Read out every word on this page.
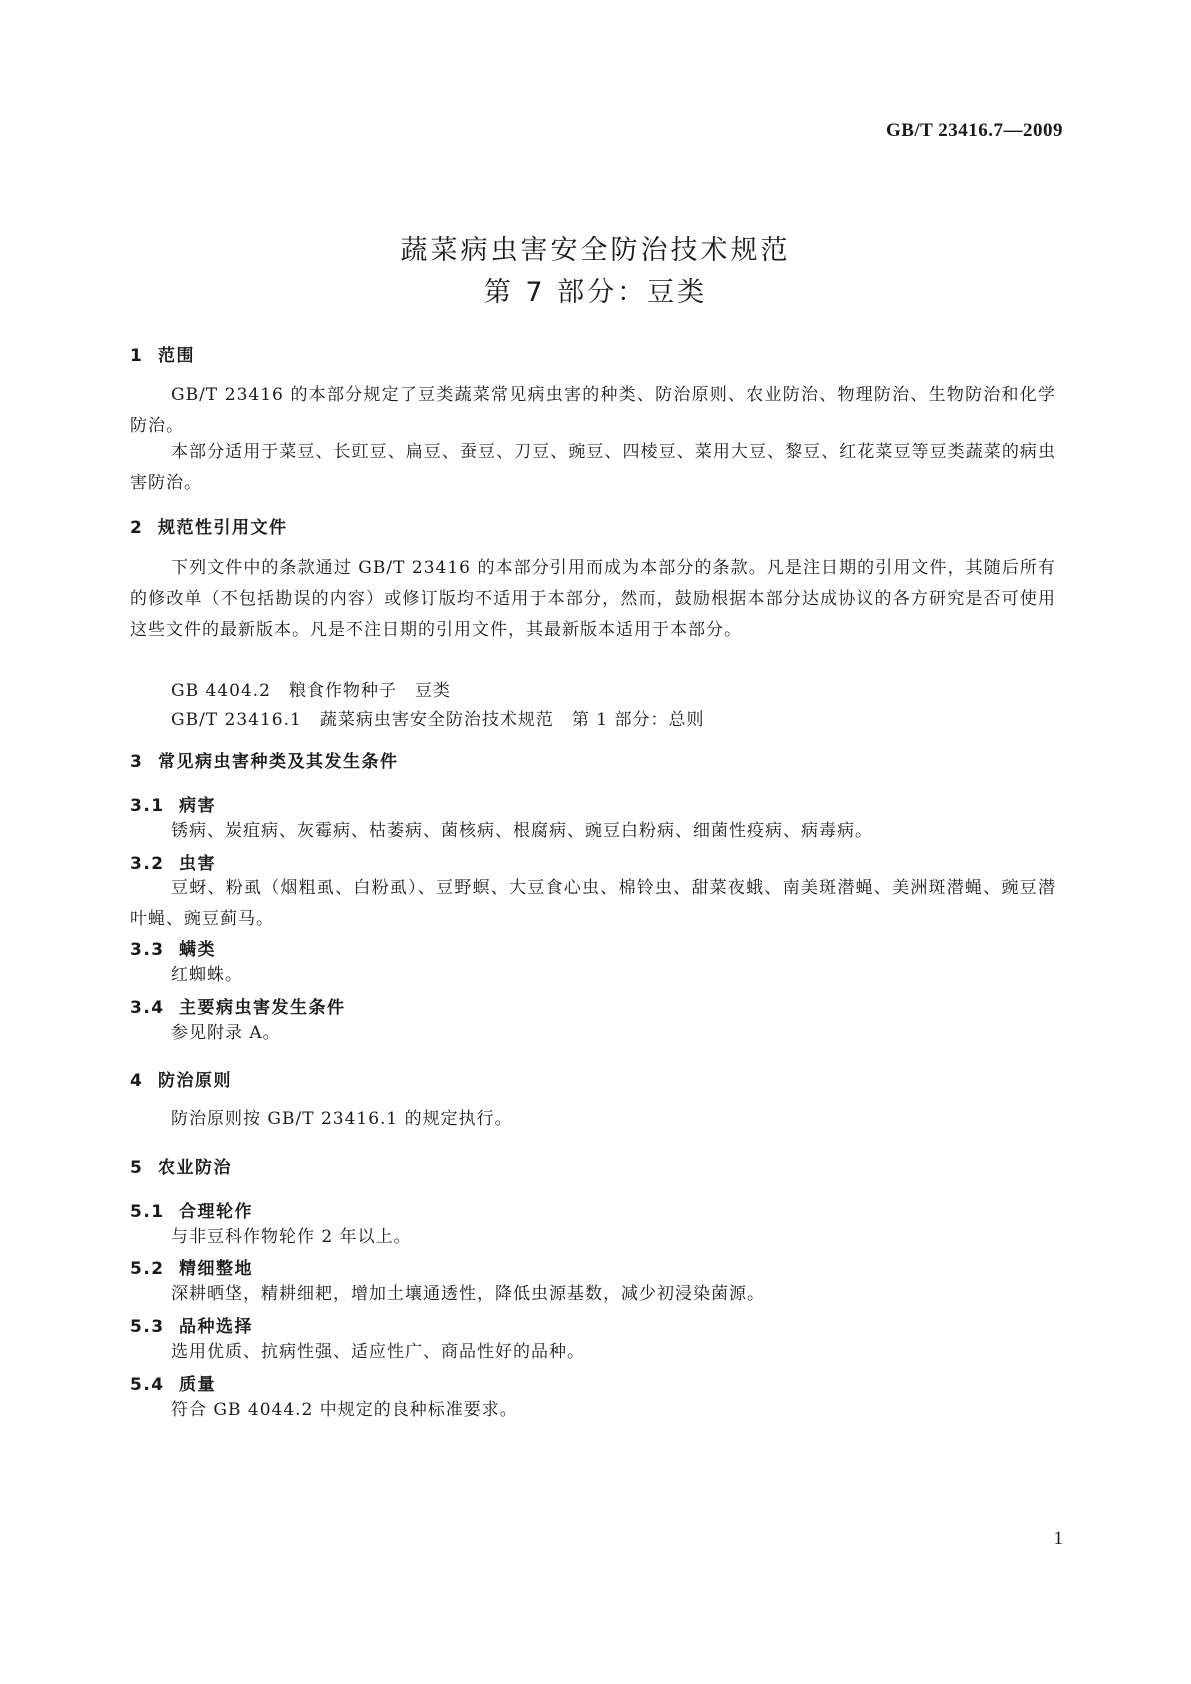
GB/T 23416.7—2009
蔬菜病虫害安全防治技术规范
第 7 部分：豆类
1 范围
GB/T 23416 的本部分规定了豆类蔬菜常见病虫害的种类、防治原则、农业防治、物理防治、生物防治和化学防治。
本部分适用于菜豆、长豇豆、扁豆、蚕豆、刀豆、豌豆、四棱豆、菜用大豆、黎豆、红花菜豆等豆类蔬菜的病虫害防治。
2 规范性引用文件
下列文件中的条款通过 GB/T 23416 的本部分引用而成为本部分的条款。凡是注日期的引用文件，其随后所有的修改单（不包括勘误的内容）或修订版均不适用于本部分，然而，鼓励根据本部分达成协议的各方研究是否可使用这些文件的最新版本。凡是不注日期的引用文件，其最新版本适用于本部分。
GB 4404.2　粮食作物种子　豆类
GB/T 23416.1　蔬菜病虫害安全防治技术规范　第 1 部分：总则
3 常见病虫害种类及其发生条件
3.1 病害
锈病、炭疽病、灰霉病、枯萎病、菌核病、根腐病、豌豆白粉病、细菌性疫病、病毒病。
3.2 虫害
豆蚜、粉虱（烟粗虱、白粉虱）、豆野螟、大豆食心虫、棉铃虫、甜菜夜蛾、南美斑潜蝇、美洲斑潜蝇、豌豆潜叶蝇、豌豆蓟马。
3.3 螨类
红蜘蛛。
3.4 主要病虫害发生条件
参见附录 A。
4 防治原则
防治原则按 GB/T 23416.1 的规定执行。
5 农业防治
5.1 合理轮作
与非豆科作物轮作 2 年以上。
5.2 精细整地
深耕晒垡，精耕细耙，增加土壤通透性，降低虫源基数，减少初浸染菌源。
5.3 品种选择
选用优质、抗病性强、适应性广、商品性好的品种。
5.4 质量
符合 GB 4044.2 中规定的良种标准要求。
1
